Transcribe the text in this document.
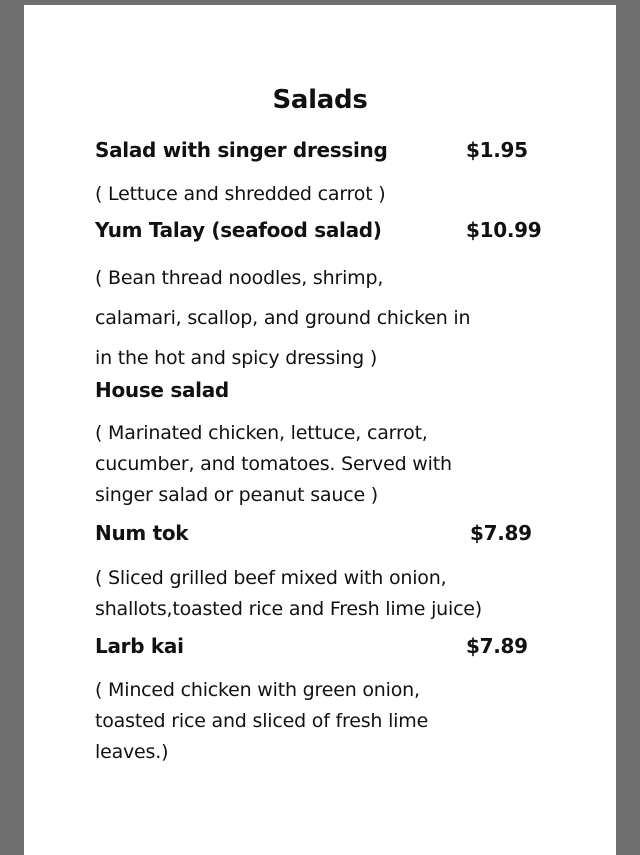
Salads
Salad with singer dressing	$1.95
( Lettuce and shredded carrot )
Yum Talay (seafood salad)	$10.99
( Bean thread noodles, shrimp,
calamari, scallop, and ground chicken in
in the hot and spicy dressing )
House salad
( Marinated chicken, lettuce, carrot,
cucumber, and tomatoes. Served with
singer salad or peanut sauce )
Num tok	$7.89
( Sliced grilled beef mixed with onion,
shallots,toasted rice and Fresh lime juice)
Larb kai	$7.89
( Minced chicken with green onion,
toasted rice and sliced of fresh lime
leaves.)
